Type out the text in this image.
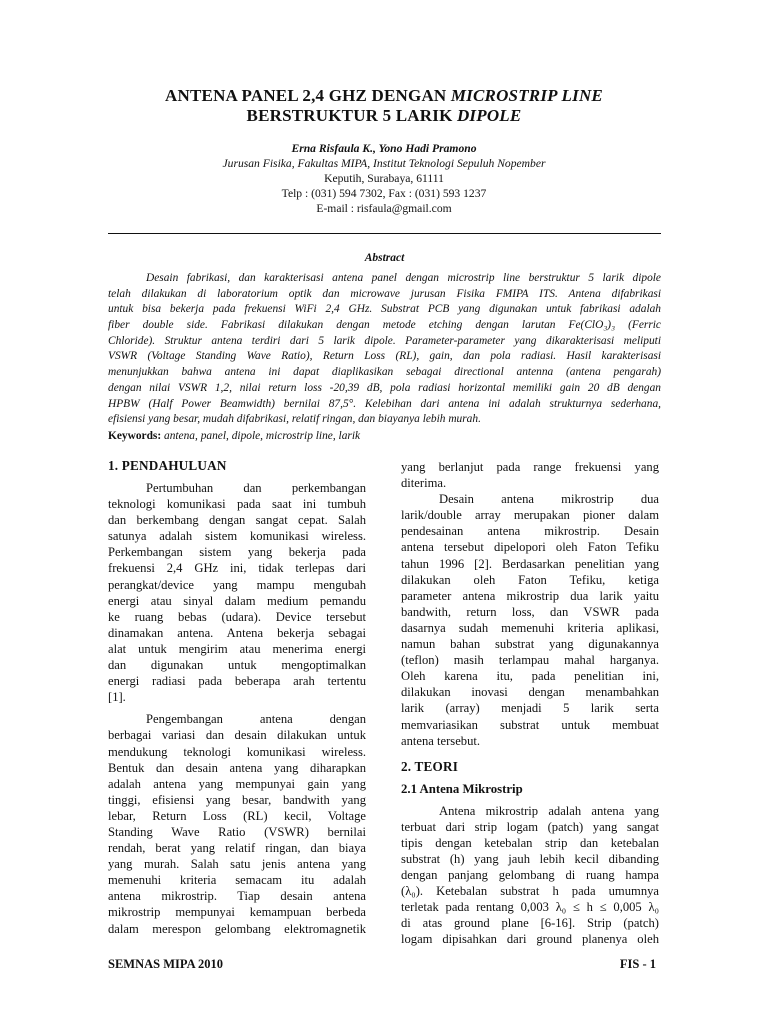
ANTENA PANEL 2,4 GHZ DENGAN MICROSTRIP LINE
BERSTRUKTUR 5 LARIK DIPOLE
Erna Risfaula K., Yono Hadi Pramono
Jurusan Fisika, Fakultas MIPA, Institut Teknologi Sepuluh Nopember
Keputih, Surabaya, 61111
Telp : (031) 594 7302, Fax : (031) 593 1237
E-mail : risfaula@gmail.com
Abstract
Desain fabrikasi, dan karakterisasi antena panel dengan microstrip line berstruktur 5 larik dipole
telah dilakukan di laboratorium optik dan microwave jurusan Fisika FMIPA ITS. Antena difabrikasi
untuk bisa bekerja pada frekuensi WiFi 2,4 GHz. Substrat PCB yang digunakan untuk fabrikasi adalah
fiber double side. Fabrikasi dilakukan dengan metode etching dengan larutan Fe(ClO₃)₃ (Ferric
Chloride). Struktur antena terdiri dari 5 larik dipole. Parameter-parameter yang dikarakterisasi meliputi
VSWR (Voltage Standing Wave Ratio), Return Loss (RL), gain, dan pola radiasi. Hasil karakterisasi
menunjukkan bahwa antena ini dapat diaplikasikan sebagai directional antenna (antena pengarah)
dengan nilai VSWR 1,2, nilai return loss -20,39 dB, pola radiasi horizontal memiliki gain 20 dB dengan
HPBW (Half Power Beamwidth) bernilai 87,5°. Kelebihan dari antena ini adalah strukturnya sederhana,
efisiensi yang besar, mudah difabrikasi, relatif ringan, dan biayanya lebih murah.
Keywords: antena, panel, dipole, microstrip line, larik
1. PENDAHULUAN
Pertumbuhan dan perkembangan
teknologi komunikasi pada saat ini tumbuh
dan berkembang dengan sangat cepat. Salah
satunya adalah sistem komunikasi wireless.
Perkembangan sistem yang bekerja pada
frekuensi 2,4 GHz ini, tidak terlepas dari
perangkat/device yang mampu mengubah
energi atau sinyal dalam medium pemandu
ke ruang bebas (udara). Device tersebut
dinamakan antena. Antena bekerja sebagai
alat untuk mengirim atau menerima energi
dan digunakan untuk mengoptimalkan
energi radiasi pada beberapa arah tertentu
[1].
Pengembangan antena dengan
berbagai variasi dan desain dilakukan untuk
mendukung teknologi komunikasi wireless.
Bentuk dan desain antena yang diharapkan
adalah antena yang mempunyai gain yang
tinggi, efisiensi yang besar, bandwith yang
lebar, Return Loss (RL) kecil, Voltage
Standing Wave Ratio (VSWR) bernilai
rendah, berat yang relatif ringan, dan biaya
yang murah. Salah satu jenis antena yang
memenuhi kriteria semacam itu adalah
antena mikrostrip. Tiap desain antena
mikrostrip mempunyai kemampuan berbeda
dalam merespon gelombang elektromagnetik
yang berlanjut pada range frekuensi yang
diterima.
Desain antena mikrostrip dua
larik/double array merupakan pioner dalam
pendesainan antena mikrostrip. Desain
antena tersebut dipelopori oleh Faton Tefiku
tahun 1996 [2]. Berdasarkan penelitian yang
dilakukan oleh Faton Tefiku, ketiga
parameter antena mikrostrip dua larik yaitu
bandwith, return loss, dan VSWR pada
dasarnya sudah memenuhi kriteria aplikasi,
namun bahan substrat yang digunakannya
(teflon) masih terlampau mahal harganya.
Oleh karena itu, pada penelitian ini,
dilakukan inovasi dengan menambahkan
larik (array) menjadi 5 larik serta
memvariasikan substrat untuk membuat
antena tersebut.
2. TEORI
2.1 Antena Mikrostrip
Antena mikrostrip adalah antena yang
terbuat dari strip logam (patch) yang sangat
tipis dengan ketebalan strip dan ketebalan
substrat (h) yang jauh lebih kecil dibanding
dengan panjang gelombang di ruang hampa
(λ₀). Ketebalan substrat h pada umumnya
terletak pada rentang 0,003 λ₀ ≤ h ≤ 0,005 λ₀
di atas ground plane [6-16]. Strip (patch)
logam dipisahkan dari ground planenya oleh
SEMNAS MIPA 2010	FIS - 1
